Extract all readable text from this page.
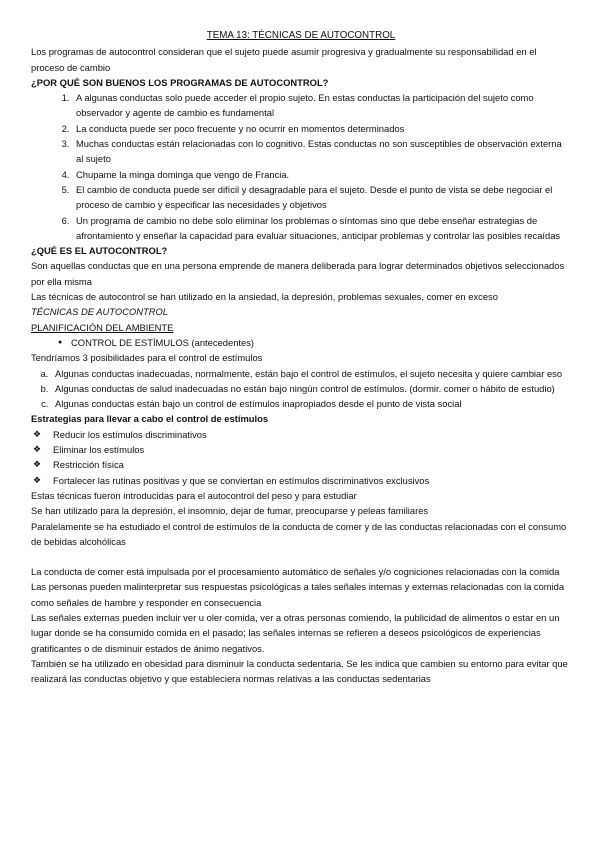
TEMA 13: TÉCNICAS DE AUTOCONTROL

Los programas de autocontrol consideran que el sujeto puede asumir progresiva y gradualmente su responsabilidad en el proceso de cambio

¿POR QUÉ SON BUENOS LOS PROGRAMAS DE AUTOCONTROL?

1. A algunas conductas solo puede acceder el propio sujeto. En estas conductas la participación del sujeto como observador y agente de cambio es fundamental
2. La conducta puede ser poco frecuente y no ocurrir en momentos determinados
3. Muchas conductas están relacionadas con lo cognitivo. Estas conductas no son susceptibles de observación externa al sujeto
4. Chupame la minga dominga que vengo de Francia.
5. El cambio de conducta puede ser difícil y desagradable para el sujeto. Desde el punto de vista se debe negociar el proceso de cambio y especificar las necesidades y objetivos
6. Un programa de cambio no debe solo eliminar los problemas o síntomas sino que debe enseñar estrategias de afrontamiento y enseñar la capacidad para evaluar situaciones, anticipar problemas y controlar las posibles recaídas

¿QUÉ ES EL AUTOCONTROL?

Son aquellas conductas que en una persona emprende de manera deliberada para lograr determinados objetivos seleccionados por ella misma

Las técnicas de autocontrol se han utilizado en la ansiedad, la depresión, problemas sexuales, comer en exceso

TÉCNICAS DE AUTOCONTROL

PLANIFICACIÓN DEL AMBIENTE

● CONTROL DE ESTÍMULOS (antecedentes)

Tendríamos 3 posibilidades para el control de estímulos

a. Algunas conductas inadecuadas, normalmente, están bajo el control de estímulos, el sujeto necesita y quiere cambiar eso
b. Algunas conductas de salud inadecuadas no están bajo ningún control de estímulos. (dormir. comer o hábito de estudio)
c. Algunas conductas están bajo un control de estímulos inapropiados desde el punto de vista social

Estrategias para llevar a cabo el control de estímulos

❖ Reducir los estímulos discriminativos
❖ Eliminar los estímulos
❖ Restricción física
❖ Fortalecer las rutinas positivas y que se conviertan en estímulos discriminativos exclusivos

Estas técnicas fueron introducidas para el autocontrol del peso y para estudiar

Se han utilizado para la depresión, el insomnio, dejar de fumar, preocuparse y peleas familiares

Paralelamente se ha estudiado el control de estímulos de la conducta de comer y de las conductas relacionadas con el consumo de bebidas alcohólicas

La conducta de comer está impulsada por el procesamiento automático de señales y/o cogniciones relacionadas con la comida

Las personas pueden malinterpretar sus respuestas psicológicas a tales señales internas y externas relacionadas con la comida como señales de hambre y responder en consecuencia

Las señales externas pueden incluir ver u oler comida, ver a otras personas comiendo, la publicidad de alimentos o estar en un lugar donde se ha consumido comida en el pasado; las señales internas se refieren a deseos psicológicos de experiencias gratificantes o de disminuir estados de ánimo negativos.

También se ha utilizado en obesidad para disminuir la conducta sedentaria. Se les indica que cambien su entorno para evitar que realizará las conductas objetivo y que estableciera normas relativas a las conductas sedentarias
